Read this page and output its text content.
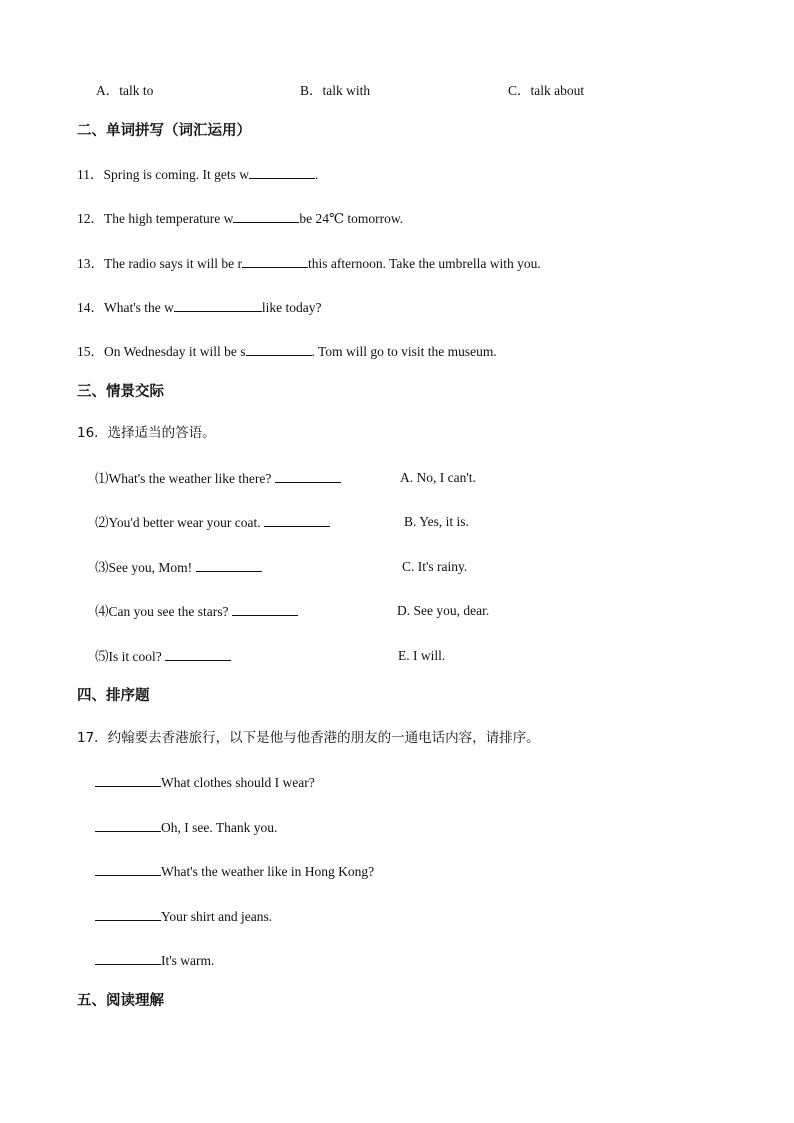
A．talk to	B．talk with	C．talk about
二、单词拼写（词汇运用）
11．Spring is coming. It gets w	.
12．The high temperature w	be 24℃ tomorrow.
13．The radio says it will be r	this afternoon. Take the umbrella with you.
14．What's the w	like today?
15．On Wednesday it will be s	. Tom will go to visit the museum.
三、情景交际
16．选择适当的答语。
⑴What's the weather like there?	A. No, I can't.
⑵You'd better wear your coat.	B. Yes, it is.
⑶See you, Mom!	C. It's rainy.
⑷Can you see the stars?	D. See you, dear.
⑸Is it cool?	E. I will.
四、排序题
17．约翰要去香港旅行，以下是他与他香港的朋友的一通电话内容，请排序。
What clothes should I wear?
Oh, I see. Thank you.
What's the weather like in Hong Kong?
Your shirt and jeans.
It's warm.
五、阅读理解
